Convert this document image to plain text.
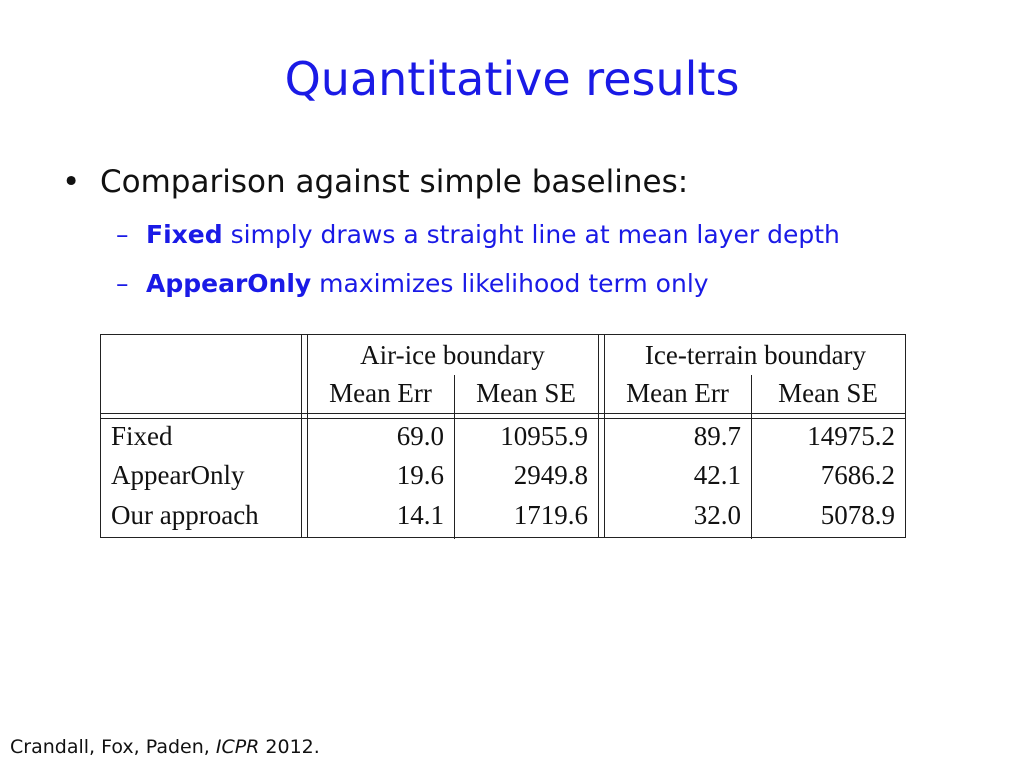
Quantitative results
• Comparison against simple baselines:
– Fixed simply draws a straight line at mean layer depth
– AppearOnly maximizes likelihood term only
Air-ice boundary	Ice-terrain boundary
Mean Err	Mean SE	Mean Err	Mean SE
Fixed	69.0	10955.9	89.7	14975.2
AppearOnly	19.6	2949.8	42.1	7686.2
Our approach	14.1	1719.6	32.0	5078.9
Crandall, Fox, Paden, ICPR 2012.
